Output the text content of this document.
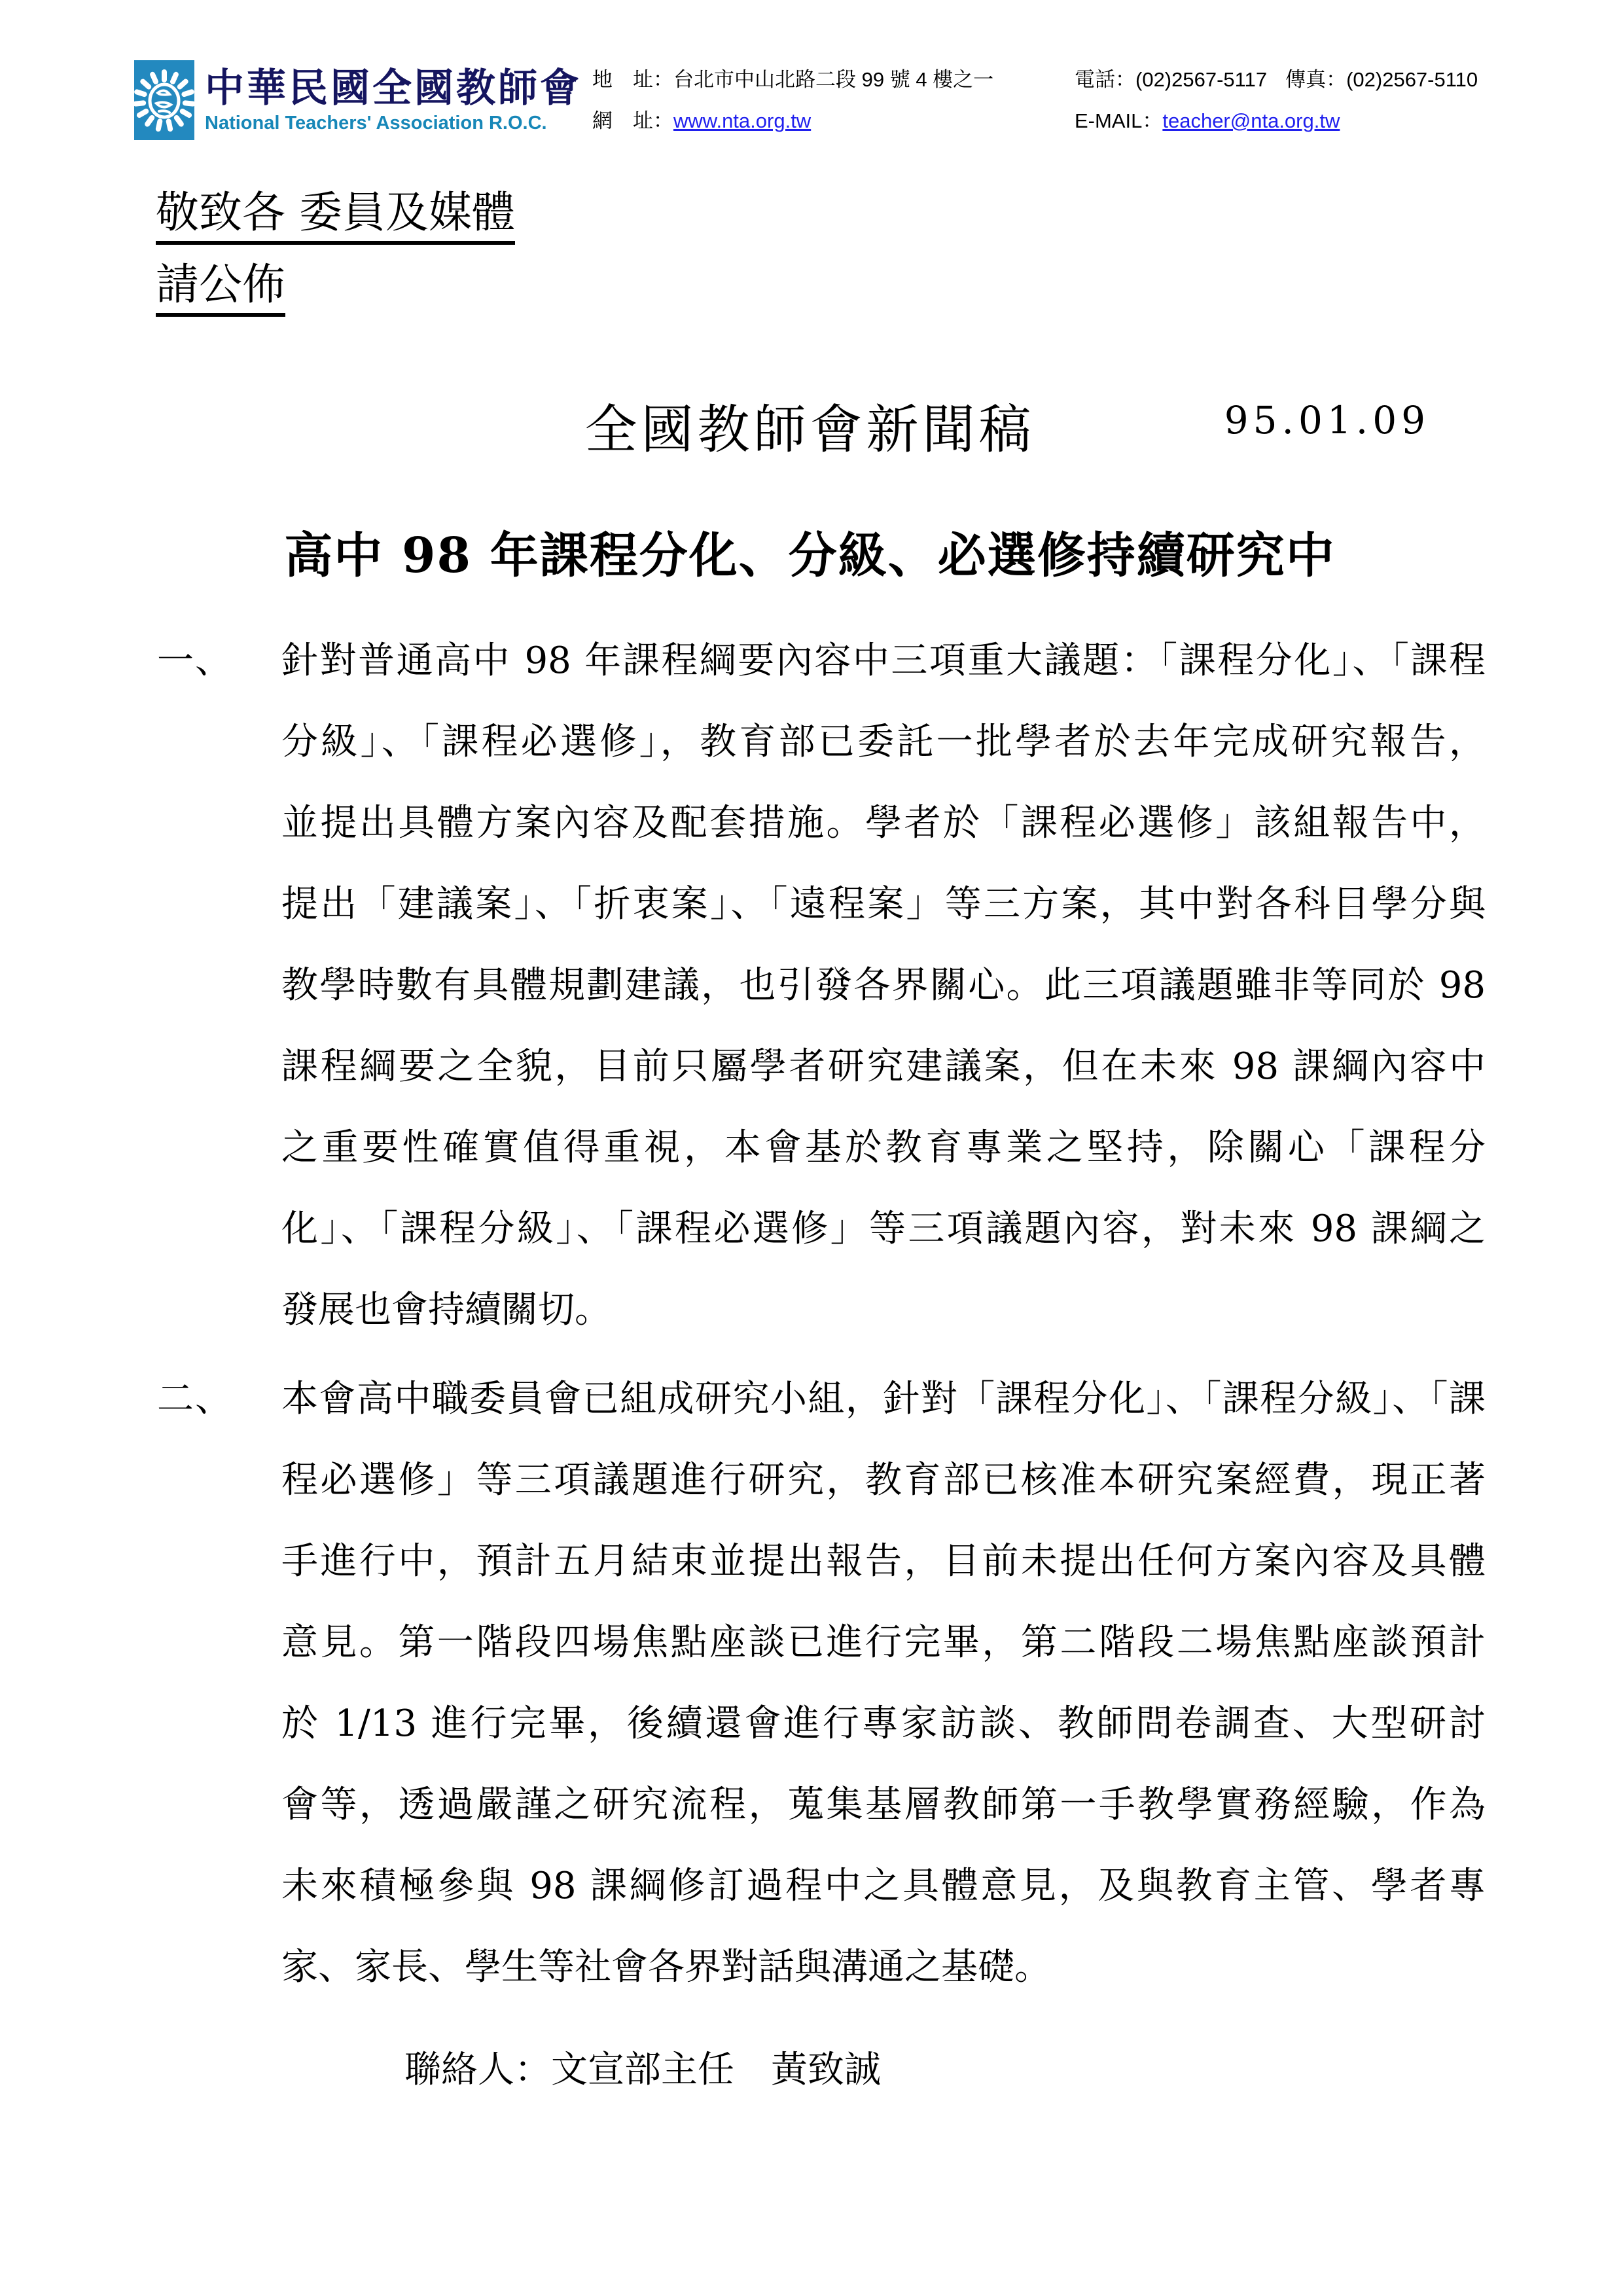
中華民國全國教師會
National Teachers' Association R.O.C.
地　址：台北市中山北路二段 99 號 4 樓之一
網　址：www.nta.org.tw
電話：(02)2567-5117 傳真：(02)2567-5110
E-MAIL：teacher@nta.org.tw
敬致各 委員及媒體
請公佈
全國教師會新聞稿	95.01.09
高中 98 年課程分化、分級、必選修持續研究中
一、 針對普通高中 98 年課程綱要內容中三項重大議題：「課程分化」、「課程
分級」、「課程必選修」，教育部已委託一批學者於去年完成研究報告，
並提出具體方案內容及配套措施。學者於「課程必選修」該組報告中，
提出「建議案」、「折衷案」、「遠程案」等三方案，其中對各科目學分與
教學時數有具體規劃建議，也引發各界關心。此三項議題雖非等同於 98
課程綱要之全貌，目前只屬學者研究建議案，但在未來 98 課綱內容中
之重要性確實值得重視，本會基於教育專業之堅持，除關心「課程分
化」、「課程分級」、「課程必選修」等三項議題內容，對未來 98 課綱之
發展也會持續關切。
二、 本會高中職委員會已組成研究小組，針對「課程分化」、「課程分級」、「課
程必選修」等三項議題進行研究，教育部已核准本研究案經費，現正著
手進行中，預計五月結束並提出報告，目前未提出任何方案內容及具體
意見。第一階段四場焦點座談已進行完畢，第二階段二場焦點座談預計
於 1/13 進行完畢，後續還會進行專家訪談、教師問卷調查、大型研討
會等，透過嚴謹之研究流程，蒐集基層教師第一手教學實務經驗，作為
未來積極參與 98 課綱修訂過程中之具體意見，及與教育主管、學者專
家、家長、學生等社會各界對話與溝通之基礎。
聯絡人：文宣部主任　黃致誠
